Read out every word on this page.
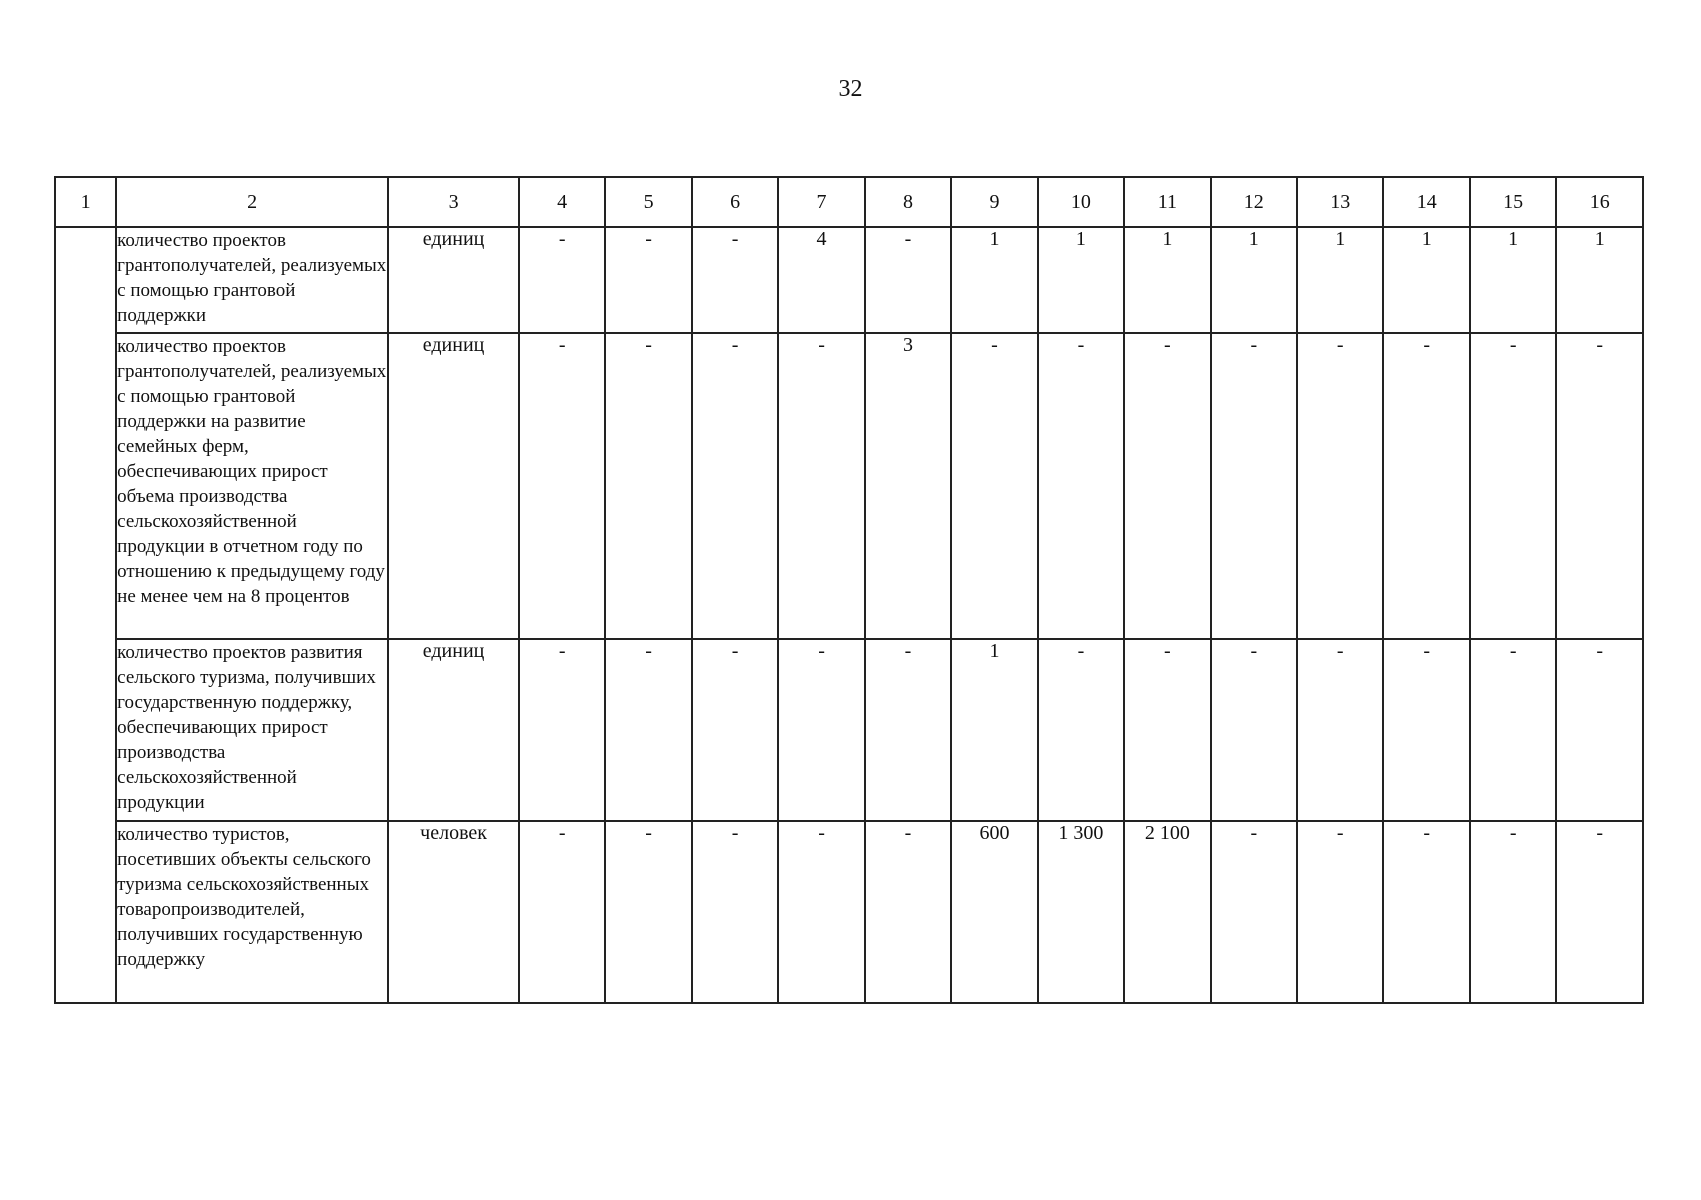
32
1	2	3	4	5	6	7	8	9	10	11	12	13	14	15	16
	количество проектов грантополучателей, реализуемых с помощью грантовой поддержки	единиц	-	-	-	4	-	1	1	1	1	1	1	1	1
	количество проектов грантополучателей, реализуемых с помощью грантовой поддержки на развитие семейных ферм, обеспечивающих прирост объема производства сельскохозяйственной продукции в отчетном году по отношению к предыдущему году не менее чем на 8 процентов	единиц	-	-	-	-	3	-	-	-	-	-	-	-	-
	количество проектов развития сельского туризма, получивших государственную поддержку, обеспечивающих прирост производства сельскохозяйственной продукции	единиц	-	-	-	-	-	1	-	-	-	-	-	-	-
	количество туристов, посетивших объекты сельского туризма сельскохозяйственных товаропроизводителей, получивших государственную поддержку	человек	-	-	-	-	-	600	1 300	2 100	-	-	-	-	-
